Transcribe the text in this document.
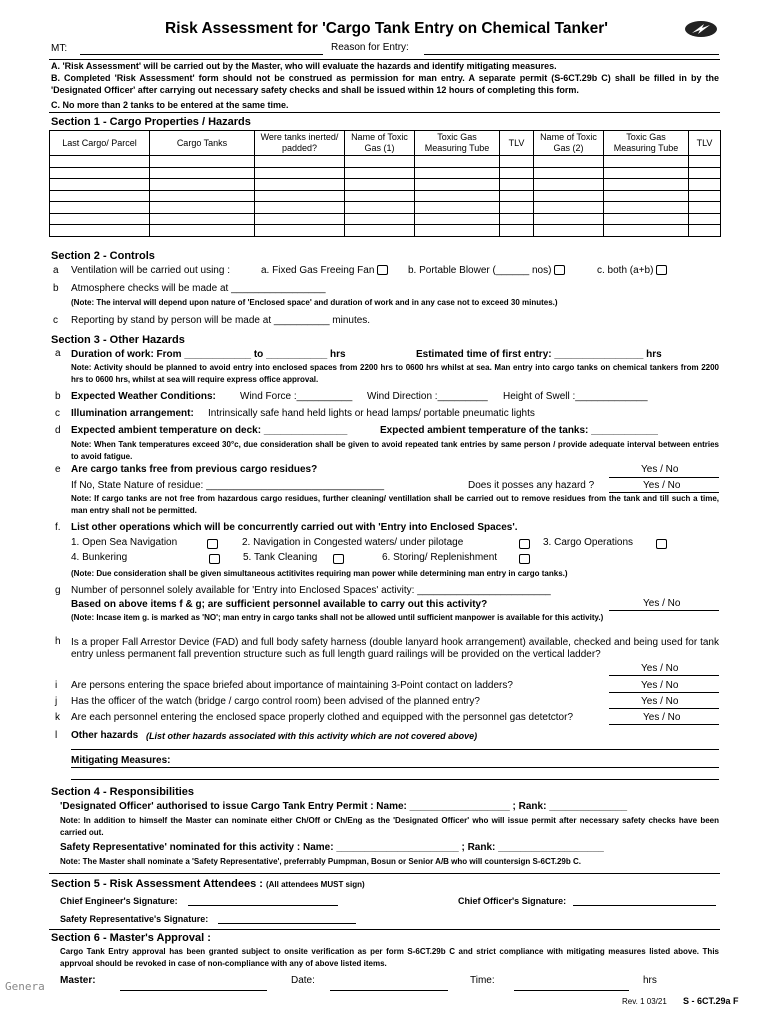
Risk Assessment for 'Cargo Tank Entry on Chemical Tanker'
MT:	Reason for Entry:
A. 'Risk Assessment' will be carried out by the Master, who will evaluate the hazards and identify mitigating measures.
B. Completed 'Risk Assessment' form should not be construed as permission for man entry. A separate permit (S-6CT.29b C) shall be filled in by the 'Designated Officer' after carrying out necessary safety checks and shall be issued within 12 hours of completing this form.
C. No more than 2 tanks to be entered at the same time.
Section 1 - Cargo Properties / Hazards
Last Cargo/ Parcel	Cargo Tanks	Were tanks inerted/ padded?	Name of Toxic Gas (1)	Toxic Gas Measuring Tube	TLV	Name of Toxic Gas (2)	Toxic Gas Measuring Tube	TLV

Section 2 - Controls
a Ventilation will be carried out using :	a. Fixed Gas Freeing Fan	b. Portable Blower (______ nos)	c. both (a+b)
b Atmosphere checks will be made at _________________
(Note: The interval will depend upon nature of 'Enclosed space' and duration of work and in any case not to exceed 30 minutes.)
c Reporting by stand by person will be made at __________ minutes.
Section 3 - Other Hazards
a Duration of work: From ____________ to ___________ hrs	Estimated time of first entry: ________________ hrs
Note: Activity should be planned to avoid entry into enclosed spaces from 2200 hrs to 0600 hrs whilst at sea. Man entry into cargo tanks on chemical tankers from 2200 hrs to 0600 hrs, whilst at sea will require express office approval.
b Expected Weather Conditions: Wind Force :__________ Wind Direction :_________ Height of Swell :_____________
c Illumination arrangement: Intrinsically safe hand held lights or head lamps/ portable pneumatic lights
d Expected ambient temperature on deck: _______________	Expected ambient temperature of the tanks: ____________
Note: When Tank temperatures exceed 30°c, due consideration shall be given to avoid repeated tank entries by same person / provide adequate interval between entries to avoid fatigue.
e Are cargo tanks free from previous cargo residues?	Yes / No
If No, State Nature of residue: ________________________________	Does it posses any hazard ?	Yes / No
Note: If cargo tanks are not free from hazardous cargo residues, further cleaning/ ventillation shall be carried out to remove residues from the tank and till such a time, man entry shall not be permitted.
f. List other operations which will be concurrently carried out with 'Entry into Enclosed Spaces'.
1. Open Sea Navigation	2. Navigation in Congested waters/ under pilotage	3. Cargo Operations
4. Bunkering	5. Tank Cleaning	6. Storing/ Replenishment
(Note: Due consideration shall be given simultaneous actitivites requiring man power while determining man entry in cargo tanks.)
g Number of personnel solely available for 'Entry into Enclosed Spaces' activity: ________________________
Based on above items f & g; are sufficient personnel available to carry out this activity?	Yes / No
(Note: Incase item g. is marked as 'NO'; man entry in cargo tanks shall not be allowed until sufficient manpower is available for this activity.)
h Is a proper Fall Arrestor Device (FAD) and full body safety harness (double lanyard hook arrangement) available, checked and being used for tank entry unless permanent fall prevention structure such as full length guard railings will be provided on the vertical ladder?
Yes / No
i Are persons entering the space briefed about importance of maintaining 3-Point contact on ladders?	Yes / No
j Has the officer of the watch (bridge / cargo control room) been advised of the planned entry?	Yes / No
k Are each personnel entering the enclosed space properly clothed and equipped with the personnel gas detetctor?	Yes / No
l Other hazards (List other hazards associated with this activity which are not covered above)
Mitigating Measures:
Section 4 - Responsibilities
'Designated Officer' authorised to issue Cargo Tank Entry Permit : Name: __________________ ; Rank: ______________
Note: In addition to himself the Master can nominate either Ch/Off or Ch/Eng as the 'Designated Officer' who will issue permit after necessary safety checks have been carried out.
Safety Representative' nominated for this activity : Name: ______________________ ; Rank: ___________________
Note: The Master shall nominate a 'Safety Representative', preferrably Pumpman, Bosun or Senior A/B who will countersign S-6CT.29b C.
Section 5 - Risk Assessment Attendees : (All attendees MUST sign)
Chief Engineer's Signature:	Chief Officer's Signature:
Safety Representative's Signature:
Section 6 - Master's Approval :
Cargo Tank Entry approval has been granted subject to onsite verification as per form S-6CT.29b C and strict compliance with mitigating measures listed above. This apprvoal should be revoked in case of non-compliance with any of above listed items.
Master:	Date:	Time:	hrs
Genera
Rev. 1 03/21 S - 6CT.29a F
